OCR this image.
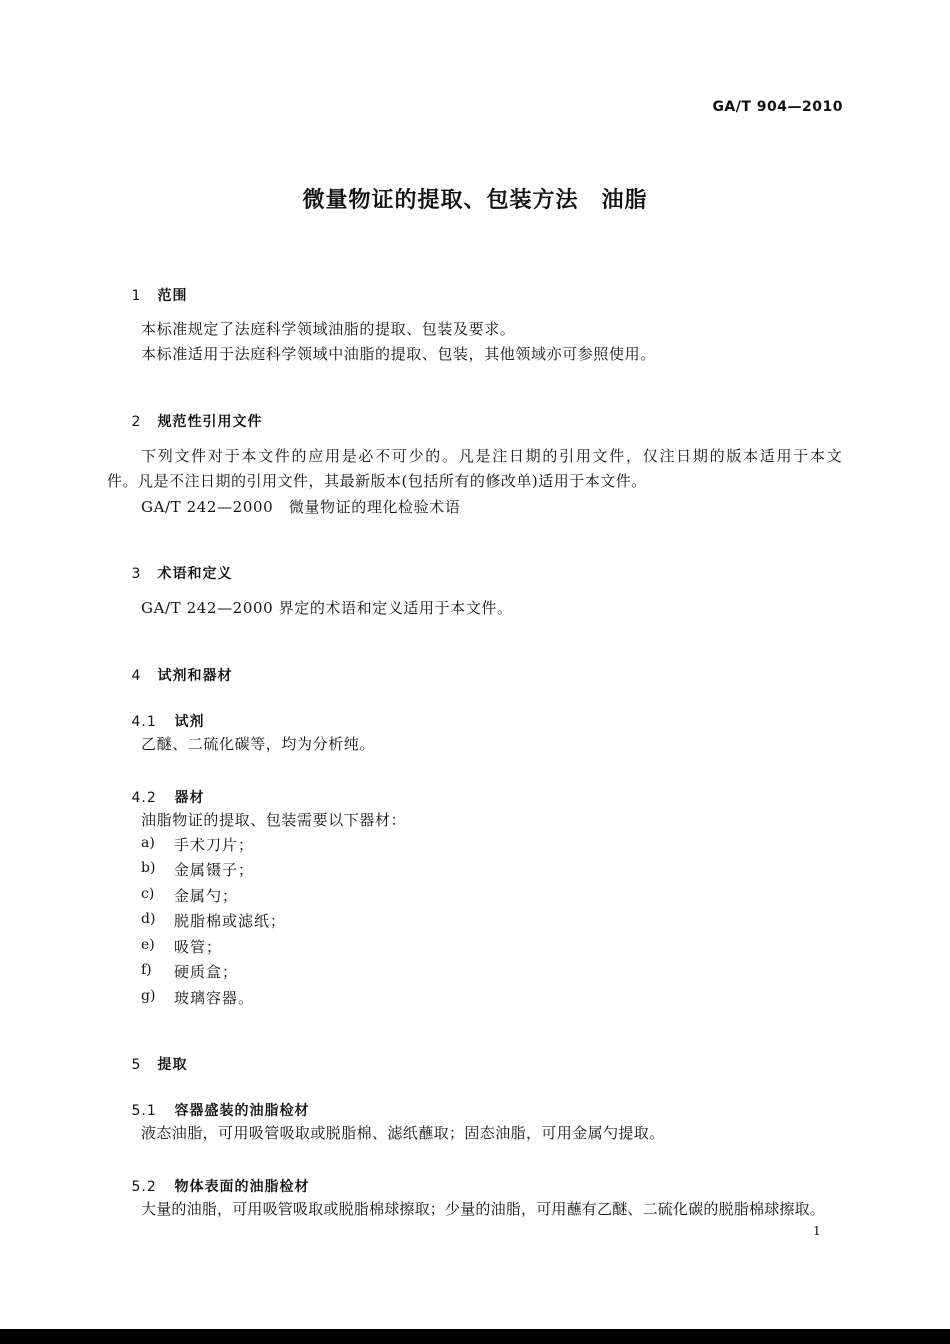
GA/T 904—2010
微量物证的提取、包装方法　油脂

1 范围

本标准规定了法庭科学领域油脂的提取、包装及要求。
本标准适用于法庭科学领域中油脂的提取、包装，其他领域亦可参照使用。

2 规范性引用文件

下列文件对于本文件的应用是必不可少的。凡是注日期的引用文件，仅注日期的版本适用于本文
件。凡是不注日期的引用文件，其最新版本(包括所有的修改单)适用于本文件。
GA/T 242—2000　微量物证的理化检验术语

3 术语和定义

GA/T 242—2000 界定的术语和定义适用于本文件。

4 试剂和器材

4.1 试剂

乙醚、二硫化碳等，均为分析纯。

4.2 器材

油脂物证的提取、包装需要以下器材：
a) 手术刀片；
b) 金属镊子；
c) 金属勺；
d) 脱脂棉或滤纸；
e) 吸管；
f) 硬质盒；
g) 玻璃容器。

5 提取

5.1 容器盛装的油脂检材

液态油脂，可用吸管吸取或脱脂棉、滤纸蘸取；固态油脂，可用金属勺提取。

5.2 物体表面的油脂检材

大量的油脂，可用吸管吸取或脱脂棉球擦取；少量的油脂，可用蘸有乙醚、二硫化碳的脱脂棉球擦取。
1
